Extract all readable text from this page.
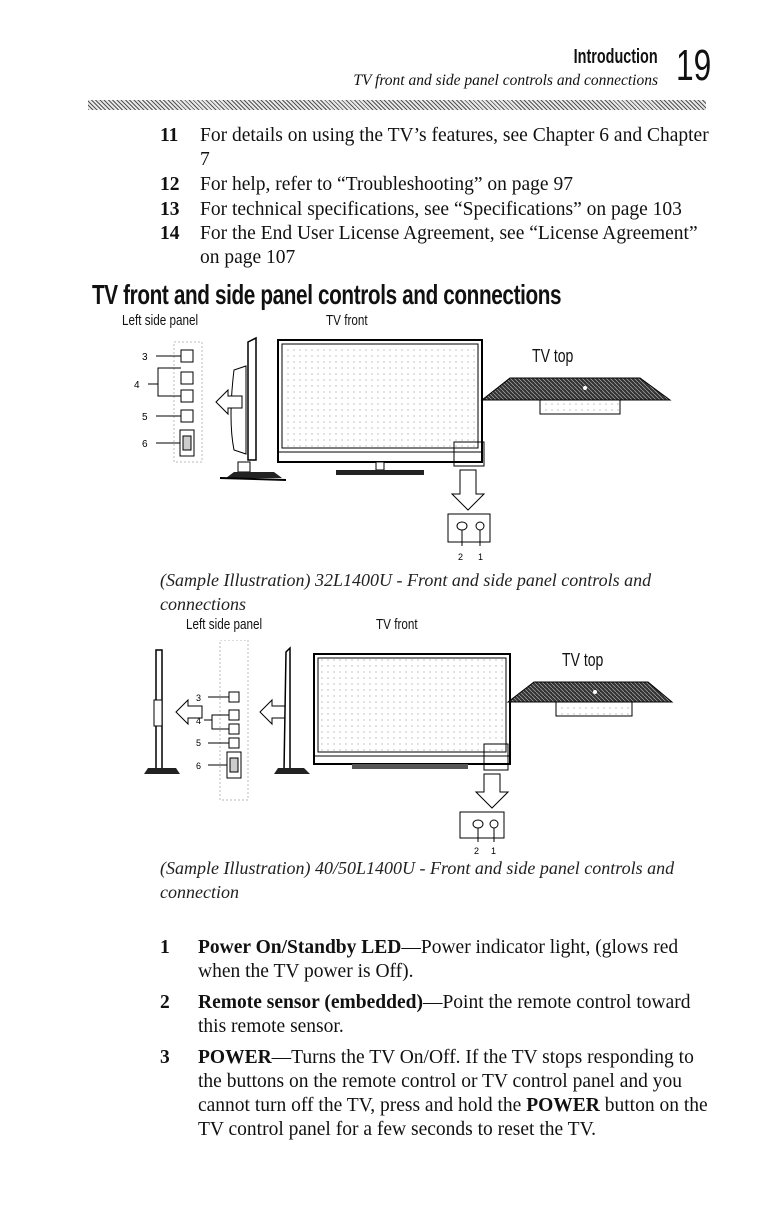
Introduction 19
TV front and side panel controls and connections
11 For details on using the TV’s features, see Chapter 6 and Chapter 7
12 For help, refer to “Troubleshooting” on page 97
13 For technical specifications, see “Specifications” on page 103
14 For the End User License Agreement, see “License Agreement” on page 107
TV front and side panel controls and connections
Left side panel	TV front
TV top
3
4
5
6
2 1
(Sample Illustration) 32L1400U - Front and side panel controls and connections
Left side panel	TV front
TV top
3
4
5
6
2 1
(Sample Illustration) 40/50L1400U - Front and side panel controls and connection
1 Power On/Standby LED—Power indicator light, (glows red when the TV power is Off).
2 Remote sensor (embedded)—Point the remote control toward this remote sensor.
3 POWER—Turns the TV On/Off. If the TV stops responding to the buttons on the remote control or TV control panel and you cannot turn off the TV, press and hold the POWER button on the TV control panel for a few seconds to reset the TV.
